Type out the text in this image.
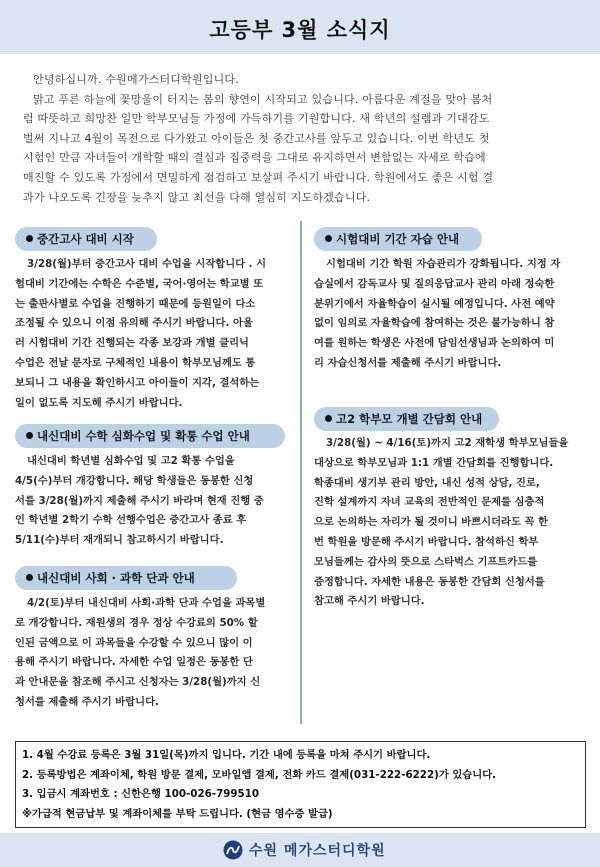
고등부 3월 소식지

안녕하십니까. 수원메가스터디학원입니다.

맑고 푸른 하늘에 꽃망울이 터지는 봄의 향연이 시작되고 있습니다. 아름다운 계절을 맞아 봄처

럼 따뜻하고 희망찬 일만 학부모님들 가정에 가득하기를 기원합니다. 새 학년의 설렘과 기대감도
벌써 지나고 4월이 목전으로 다가왔고 아이들은 첫 중간고사를 앞두고 있습니다. 이번 학년도 첫
시험인 만큼 자녀들이 개학할 때의 결심과 집중력을 그대로 유지하면서 변함없는 자세로 학습에
매진할 수 있도록 가정에서 면밀하게 점검하고 보살펴 주시기 바랍니다. 학원에서도 좋은 시험 결
과가 나오도록 긴장을 늦추지 않고 최선을 다해 열심히 지도하겠습니다.
중간고사 대비 시작
3/28(월)부터 중간고사 대비 수업을 시작합니다 . 시
험대비 기간에는 수학은 수준별, 국어·영어는 학교별 또
는 출판사별로 수업을 진행하기 때문에 등원일이 다소
조정될 수 있으니 이점 유의해 주시기 바랍니다. 아울
러 시험대비 기간 진행되는 각종 보강과 개별 클리닉
수업은 전날 문자로 구체적인 내용이 학부모님께도 통
보되니 그 내용을 확인하시고 아이들이 지각, 결석하는
일이 없도록 지도해 주시기 바랍니다.
내신대비 수학 심화수업 및 확통 수업 안내
내신대비 학년별 심화수업 및 고2 확통 수업을
4/5(수)부터 개강합니다. 해당 학생들은 동봉한 신청
서를 3/28(월)까지 제출해 주시기 바라며 현재 진행 중
인 학년별 2학기 수학 선행수업은 중간고사 종료 후
5/11(수)부터 재개되니 참고하시기 바랍니다.
내신대비 사회 · 과학 단과 안내
4/2(토)부터 내신대비 사회·과학 단과 수업을 과목별
로 개강합니다. 재원생의 경우 정상 수강료의 50% 할
인된 금액으로 이 과목들을 수강할 수 있으니 많이 이
용해 주시기 바랍니다. 자세한 수업 일정은 동봉한 단
과 안내문을 참조해 주시고 신청자는 3/28(월)까지 신
청서를 제출해 주시기 바랍니다.
시험대비 기간 자습 안내
시험대비 기간 학원 자습관리가 강화됩니다. 지정 자
습실에서 감독교사 및 질의응답교사 관리 아래 정숙한
분위기에서 자율학습이 실시될 예정입니다. 사전 예약
없이 임의로 자율학습에 참여하는 것은 불가능하니 참
여를 원하는 학생은 사전에 담임선생님과 논의하여 미
리 자습신청서를 제출해 주시기 바랍니다.
고2 학부모 개별 간담회 안내
3/28(월) ~ 4/16(토)까지 고2 재학생 학부모님들을
대상으로 학부모님과 1:1 개별 간담회를 진행합니다.
학종대비 생기부 관리 방안, 내신 성적 상담, 진로,
진학 설계까지 자녀 교육의 전반적인 문제를 심층적
으로 논의하는 자리가 될 것이니 바쁘시더라도 꼭 한
번 학원을 방문해 주시기 바랍니다. 참석하신 학부
모님들께는 감사의 뜻으로 스타벅스 기프트카드를
증정합니다. 자세한 내용은 동봉한 간담회 신청서를
참고해 주시기 바랍니다.
1. 4월 수강료 등록은 3월 31일(목)까지 입니다. 기간 내에 등록을 마쳐 주시기 바랍니다.
2. 등록방법은 계좌이체, 학원 방문 결제, 모바일앱 결제, 전화 카드 결제(031-222-6222)가 있습니다.
3. 입금시 계좌번호 : 신한은행 100-026-799510
※가급적 현금납부 및 계좌이체를 부탁 드립니다. (현금 영수증 발급)
수원 메가스터디학원
